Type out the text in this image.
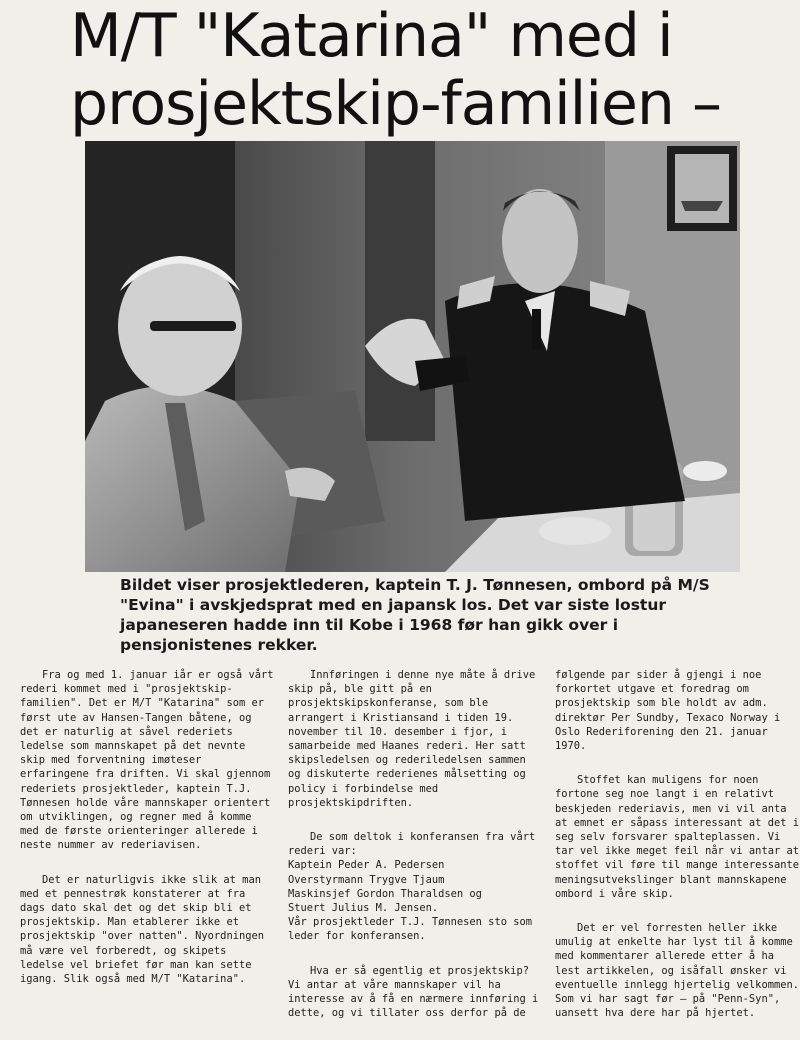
M/T "Katarina" med i
prosjektskip-familien –
Bildet viser prosjektlederen, kaptein T. J. Tønnesen, ombord på M/S "Evina" i avskjedsprat med en japansk los. Det var siste lostur japaneseren hadde inn til Kobe i 1968 før han gikk over i pensjonistenes rekker.

Fra og med 1. januar iår er også vårt rederi kommet med i "prosjektskip-familien". Det er M/T "Katarina" som er først ute av Hansen-Tangen båtene, og det er naturlig at såvel rederiets ledelse som mannskapet på det nevnte skip med forventning imøteser erfaringene fra driften. Vi skal gjennom rederiets prosjektleder, kaptein T.J. Tønnesen holde våre mannskaper orientert om utviklingen, og regner med å komme med de første orienteringer allerede i neste nummer av rederiavisen.

Det er naturligvis ikke slik at man med et pennestrøk konstaterer at fra dags dato skal det og det skip bli et prosjektskip. Man etablerer ikke et prosjektskip "over natten". Nyordningen må være vel forberedt, og skipets ledelse vel briefet før man kan sette igang. Slik også med M/T "Katarina".

Innføringen i denne nye måte å drive skip på, ble gitt på en prosjektskipskonferanse, som ble arrangert i Kristiansand i tiden 19. november til 10. desember i fjor, i samarbeide med Haanes rederi. Her satt skipsledelsen og rederiledelsen sammen og diskuterte rederienes målsetting og policy i forbindelse med prosjektskipdriften.

De som deltok i konferansen fra vårt rederi var:

Kaptein Peder A. Pedersen
Overstyrmann Trygve Tjaum
Maskinsjef Gordon Tharaldsen og
Stuert Julius M. Jensen.
Vår prosjektleder T.J. Tønnesen sto som leder for konferansen.

Hva er så egentlig et prosjektskip? Vi antar at våre mannskaper vil ha interesse av å få en nærmere innføring i dette, og vi tillater oss derfor på de

følgende par sider å gjengi i noe forkortet utgave et foredrag om prosjektskip som ble holdt av adm. direktør Per Sundby, Texaco Norway i Oslo Rederiforening den 21. januar 1970.

Stoffet kan muligens for noen fortone seg noe langt i en relativt beskjeden rederiavis, men vi vil anta at emnet er såpass interessant at det i seg selv forsvarer spalteplassen. Vi tar vel ikke meget feil når vi antar at stoffet vil føre til mange interessante meningsutvekslinger blant mannskapene ombord i våre skip.

Det er vel forresten heller ikke umulig at enkelte har lyst til å komme med kommentarer allerede etter å ha lest artikkelen, og isåfall ønsker vi eventuelle innlegg hjertelig velkommen. Som vi har sagt før – på "Penn-Syn", uansett hva dere har på hjertet.
